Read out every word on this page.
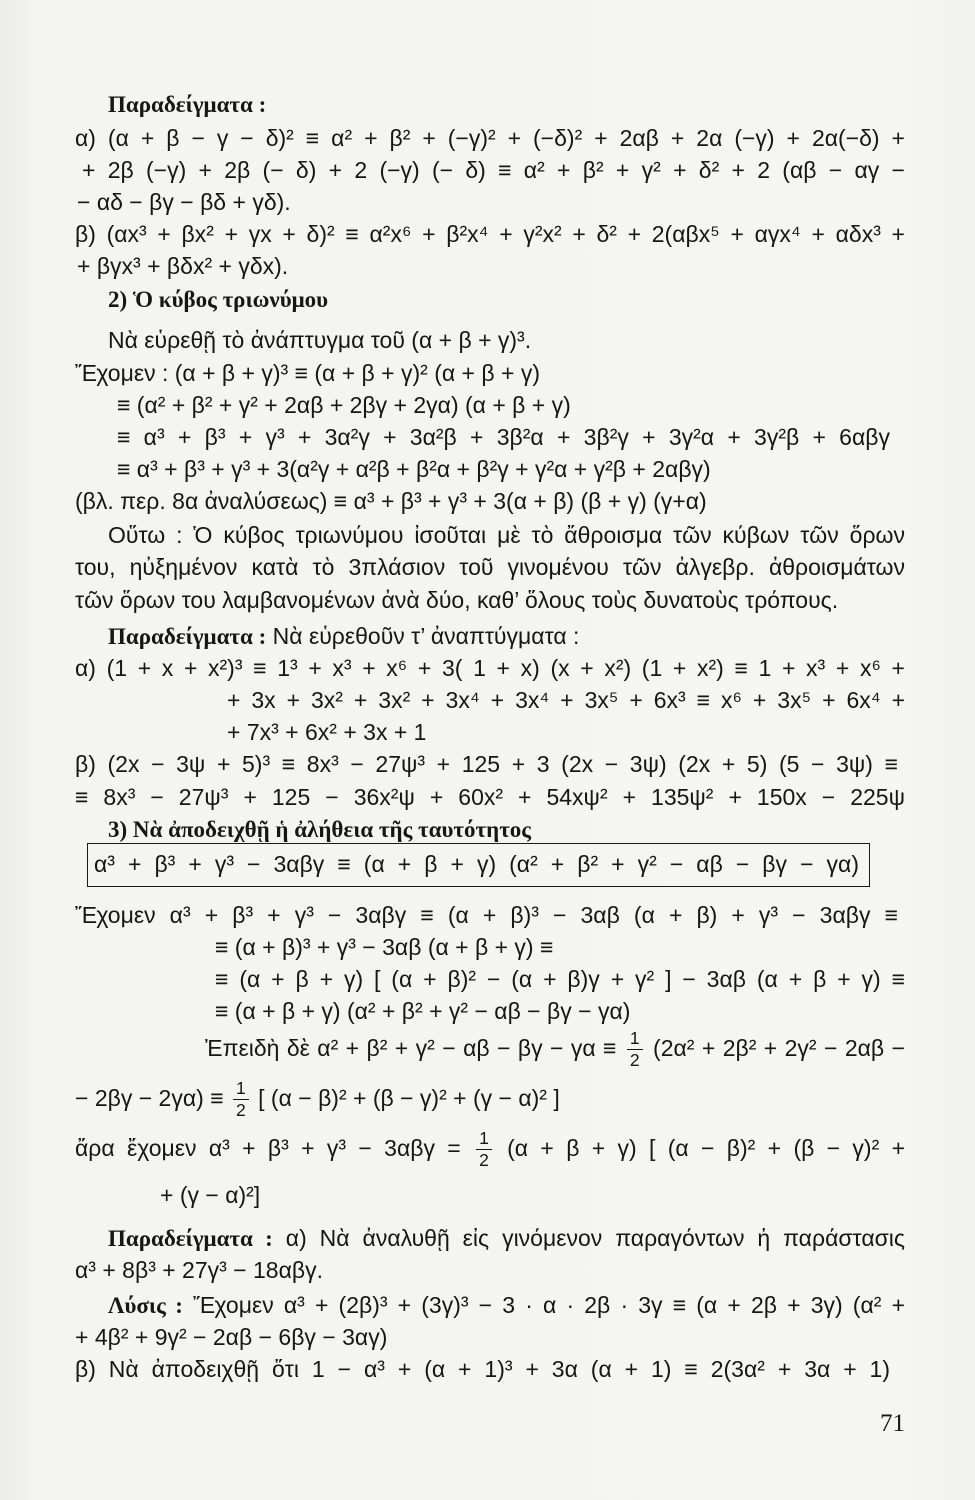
Παραδείγματα :
α) (α + β − γ − δ)² ≡ α² + β² + (−γ)² + (−δ)² + 2αβ + 2α (−γ) + 2α(−δ) +
+ 2β (−γ) + 2β (− δ) + 2 (−γ) (− δ) ≡ α² + β² + γ² + δ² + 2 (αβ − αγ −
− αδ − βγ − βδ + γδ).
β) (αx³ + βx² + γx + δ)² ≡ α²x⁶ + β²x⁴ + γ²x² + δ² + 2(αβx⁵ + αγx⁴ + αδx³ +
+ βγx³ + βδx² + γδx).
2) Ὁ κύβος τριωνύμου
Νὰ εὑρεθῇ τὸ ἀνάπτυγμα τοῦ (α + β + γ)³.
Ἔχομεν : (α + β + γ)³ ≡ (α + β + γ)² (α + β + γ)
≡ (α² + β² + γ² + 2αβ + 2βγ + 2γα) (α + β + γ)
≡ α³ + β³ + γ³ + 3α²γ + 3α²β + 3β²α + 3β²γ + 3γ²α + 3γ²β + 6αβγ
≡ α³ + β³ + γ³ + 3(α²γ + α²β + β²α + β²γ + γ²α + γ²β + 2αβγ)
(βλ. περ. 8α ἀναλύσεως) ≡ α³ + β³ + γ³ + 3(α + β) (β + γ) (γ+α)
Οὕτω : Ὁ κύβος τριωνύμου ἰσοῦται μὲ τὸ ἄθροισμα τῶν κύβων τῶν ὅρων
του, ηὐξημένον κατὰ τὸ 3πλάσιον τοῦ γινομένου τῶν ἀλγεβρ. ἀθροισμάτων
τῶν ὅρων του λαμβανομένων ἀνὰ δύο, καθ’ ὅλους τοὺς δυνατοὺς τρόπους.
Παραδείγματα : Νὰ εὑρεθοῦν τ’ ἀναπτύγματα :
α) (1 + x + x²)³ ≡ 1³ + x³ + x⁶ + 3( 1 + x) (x + x²) (1 + x²) ≡ 1 + x³ + x⁶ +
+ 3x + 3x² + 3x² + 3x⁴ + 3x⁴ + 3x⁵ + 6x³ ≡ x⁶ + 3x⁵ + 6x⁴ +
+ 7x³ + 6x² + 3x + 1
β) (2x − 3ψ + 5)³ ≡ 8x³ − 27ψ³ + 125 + 3 (2x − 3ψ) (2x + 5) (5 − 3ψ) ≡
≡ 8x³ − 27ψ³ + 125 − 36x²ψ + 60x² + 54xψ² + 135ψ² + 150x − 225ψ
3) Νὰ ἀποδειχθῇ ἡ ἀλήθεια τῆς ταυτότητος
α³ + β³ + γ³ − 3αβγ ≡ (α + β + γ) (α² + β² + γ² − αβ − βγ − γα)
Ἔχομεν α³ + β³ + γ³ − 3αβγ ≡ (α + β)³ − 3αβ (α + β) + γ³ − 3αβγ ≡
≡ (α + β)³ + γ³ − 3αβ (α + β + γ) ≡
≡ (α + β + γ) [ (α + β)² − (α + β)γ + γ² ] − 3αβ (α + β + γ) ≡
≡ (α + β + γ) (α² + β² + γ² − αβ − βγ − γα)
Ἐπειδὴ δὲ $\alpha^2 + \beta^2 + \gamma^2 - \alpha\beta - \beta\gamma - \gamma\alpha \equiv \frac{1}{2} (2\alpha^2 + 2\beta^2 + 2\gamma^2 - 2\alpha\beta$ −
− $2\beta\gamma - 2\gamma\alpha) \equiv \frac{1}{2}$ [ (α − β)² + (β − γ)² + (γ − α)² ]
ἄρα ἔχομεν $\alpha^3 + \beta^3 + \gamma^3 - 3\alpha\beta\gamma = \frac{1}{2} (\alpha + \beta + \gamma)$ [ (α − β)² + (β − γ)² +
+ (γ − α)²]
Παραδείγματα : α) Νὰ ἀναλυθῇ εἰς γινόμενον παραγόντων ἡ παράστασις
α³ + 8β³ + 27γ³ − 18αβγ.
Λύσις : Ἔχομεν α³ + (2β)³ + (3γ)³ − 3 · α · 2β · 3γ ≡ (α + 2β + 3γ) (α² +
+ 4β² + 9γ² − 2αβ − 6βγ − 3αγ)
β) Νὰ ἀποδειχθῇ ὅτι 1 − α³ + (α + 1)³ + 3α (α + 1) ≡ 2(3α² + 3α + 1)
71
